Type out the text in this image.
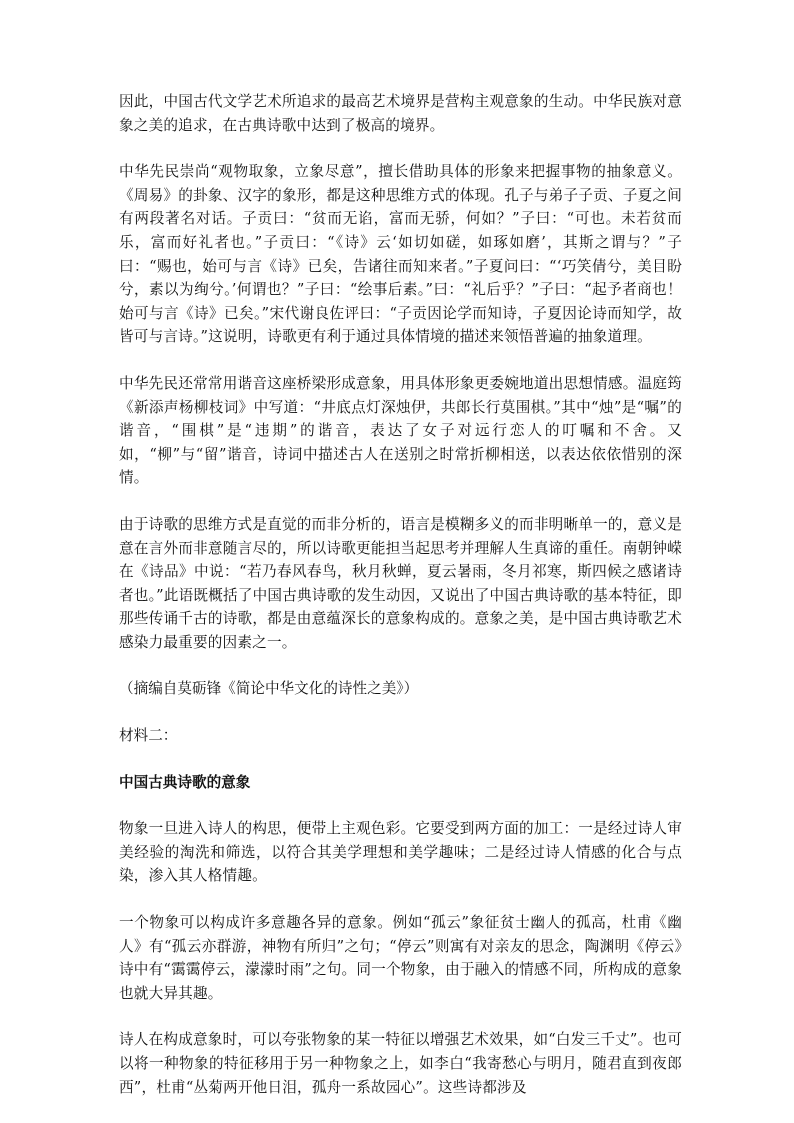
因此，中国古代文学艺术所追求的最高艺术境界是营构主观意象的生动。中华民族对意象之美的追求，在古典诗歌中达到了极高的境界。

中华先民崇尚“观物取象，立象尽意”，擅长借助具体的形象来把握事物的抽象意义。《周易》的卦象、汉字的象形，都是这种思维方式的体现。孔子与弟子子贡、子夏之间有两段著名对话。子贡曰：“贫而无谄，富而无骄，何如？”子曰：“可也。未若贫而乐，富而好礼者也。”子贡曰：“《诗》云‘如切如磋，如琢如磨’，其斯之谓与？”子曰：“赐也，始可与言《诗》已矣，告诸往而知来者。”子夏问曰：“‘巧笑倩兮，美目盼兮，素以为绚兮。’何谓也？”子曰：“绘事后素。”曰：“礼后乎？”子曰：“起予者商也！始可与言《诗》已矣。”宋代谢良佐评曰：“子贡因论学而知诗，子夏因论诗而知学，故皆可与言诗。”这说明，诗歌更有利于通过具体情境的描述来领悟普遍的抽象道理。

中华先民还常常用谐音这座桥梁形成意象，用具体形象更委婉地道出思想情感。温庭筠《新添声杨柳枝词》中写道：“井底点灯深烛伊，共郎长行莫围棋。”其中“烛”是“嘱”的谐音，“围棋”是“违期”的谐音，表达了女子对远行恋人的叮嘱和不舍。又如，“柳”与“留”谐音，诗词中描述古人在送别之时常折柳相送，以表达依依惜别的深情。

由于诗歌的思维方式是直觉的而非分析的，语言是模糊多义的而非明晰单一的，意义是意在言外而非意随言尽的，所以诗歌更能担当起思考并理解人生真谛的重任。南朝钟嵘在《诗品》中说：“若乃春风春鸟，秋月秋蝉，夏云暑雨，冬月祁寒，斯四候之感诸诗者也。”此语既概括了中国古典诗歌的发生动因，又说出了中国古典诗歌的基本特征，即那些传诵千古的诗歌，都是由意蕴深长的意象构成的。意象之美，是中国古典诗歌艺术感染力最重要的因素之一。

（摘编自莫砺锋《简论中华文化的诗性之美》）

材料二：

中国古典诗歌的意象

物象一旦进入诗人的构思，便带上主观色彩。它要受到两方面的加工：一是经过诗人审美经验的淘洗和筛选，以符合其美学理想和美学趣味；二是经过诗人情感的化合与点染，渗入其人格情趣。

一个物象可以构成许多意趣各异的意象。例如“孤云”象征贫士幽人的孤高，杜甫《幽人》有“孤云亦群游，神物有所归”之句；“停云”则寓有对亲友的思念，陶渊明《停云》诗中有“霭霭停云，濛濛时雨”之句。同一个物象，由于融入的情感不同，所构成的意象也就大异其趣。

诗人在构成意象时，可以夸张物象的某一特征以增强艺术效果，如“白发三千丈”。也可以将一种物象的特征移用于另一种物象之上，如李白“我寄愁心与明月，随君直到夜郎西”，杜甫“丛菊两开他日泪，孤舟一系故园心”。这些诗都涉及
